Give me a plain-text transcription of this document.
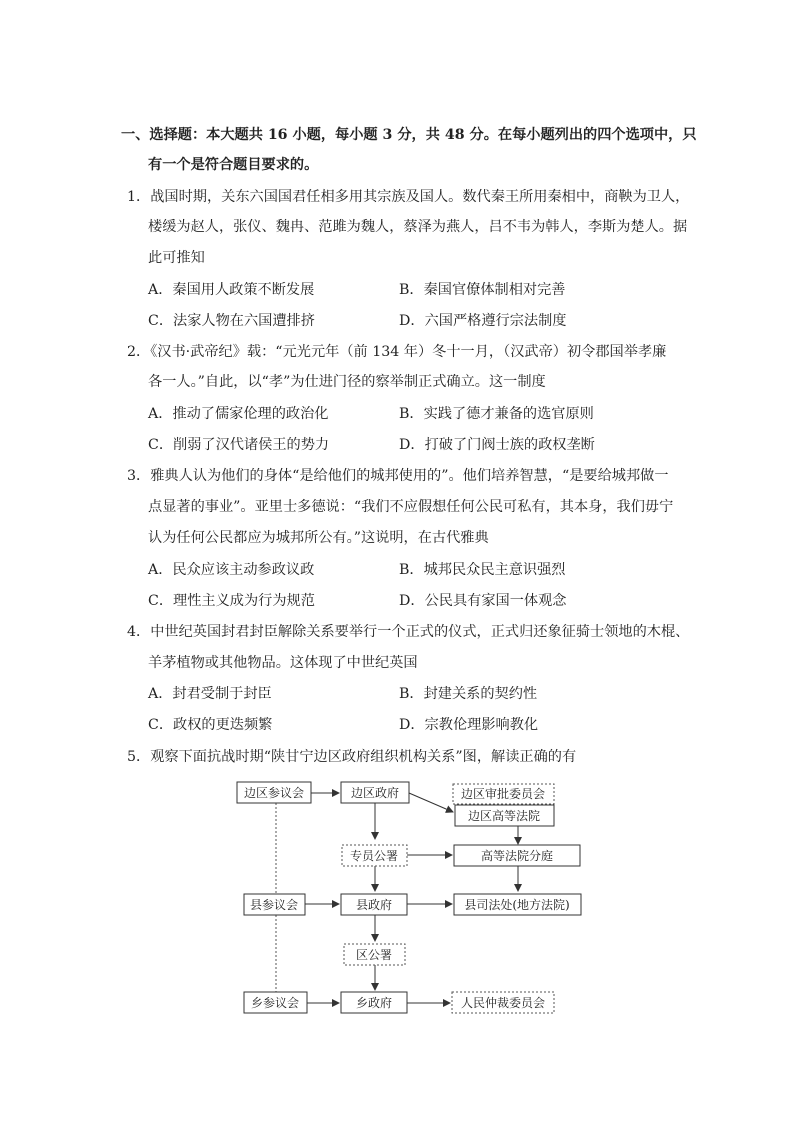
一、选择题：本大题共 16 小题，每小题 3 分，共 48 分。在每小题列出的四个选项中，只
有一个是符合题目要求的。
1．战国时期，关东六国国君任相多用其宗族及国人。数代秦王所用秦相中，商鞅为卫人，
楼缓为赵人，张仪、魏冉、范雎为魏人，蔡泽为燕人，吕不韦为韩人，李斯为楚人。据
此可推知
A．秦国用人政策不断发展	B．秦国官僚体制相对完善
C．法家人物在六国遭排挤	D．六国严格遵行宗法制度
2．《汉书·武帝纪》载：“元光元年（前 134 年）冬十一月，（汉武帝）初令郡国举孝廉
各一人。”自此，以“孝”为仕进门径的察举制正式确立。这一制度
A．推动了儒家伦理的政治化	B．实践了德才兼备的选官原则
C．削弱了汉代诸侯王的势力	D．打破了门阀士族的政权垄断
3．雅典人认为他们的身体“是给他们的城邦使用的”。他们培养智慧，“是要给城邦做一
点显著的事业”。亚里士多德说：“我们不应假想任何公民可私有，其本身，我们毋宁
认为任何公民都应为城邦所公有。”这说明，在古代雅典
A．民众应该主动参政议政	B．城邦民众民主意识强烈
C．理性主义成为行为规范	D．公民具有家国一体观念
4．中世纪英国封君封臣解除关系要举行一个正式的仪式，正式归还象征骑士领地的木棍、
羊茅植物或其他物品。这体现了中世纪英国
A．封君受制于封臣	B．封建关系的契约性
C．政权的更迭频繁	D．宗教伦理影响教化
5．观察下面抗战时期“陕甘宁边区政府组织机构关系”图，解读正确的有
边区参议会	边区政府	边区审批委员会
边区高等法院
专员公署	高等法院分庭
县参议会	县政府	县司法处(地方法院)
区公署
乡参议会	乡政府	人民仲裁委员会
